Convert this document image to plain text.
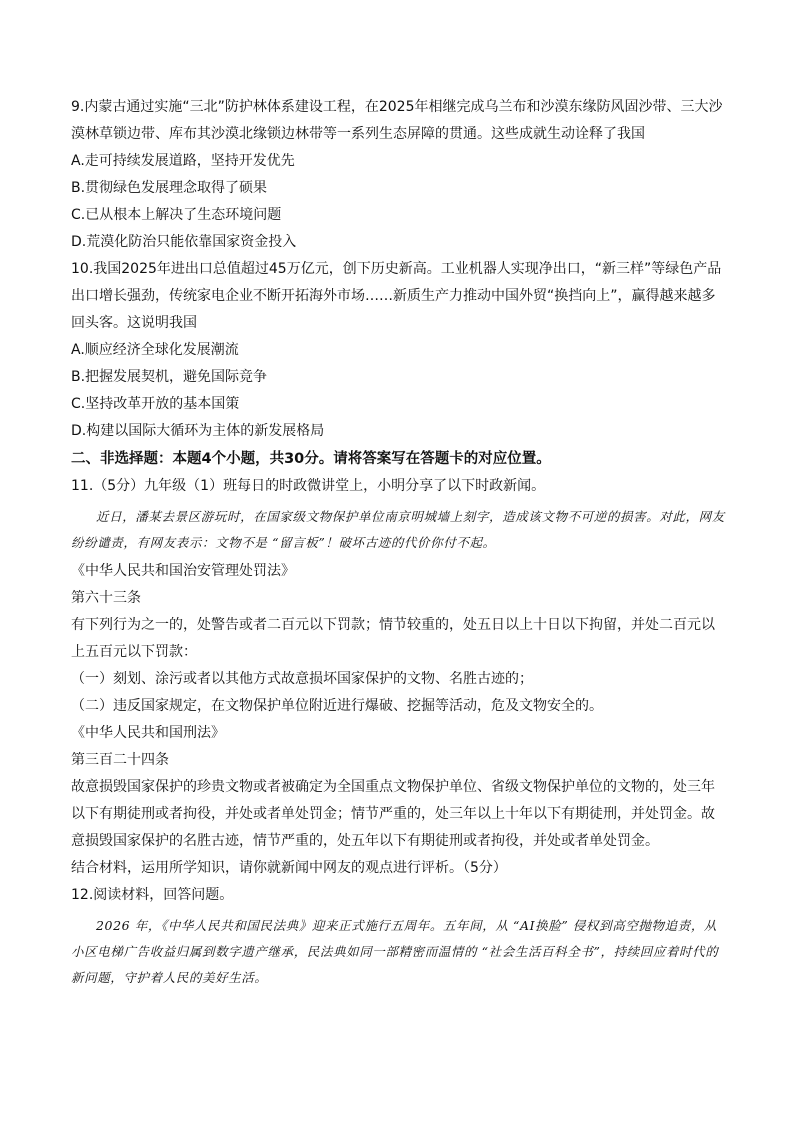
9.内蒙古通过实施“三北”防护林体系建设工程，在2025年相继完成乌兰布和沙漠东缘防风固沙带、三大沙漠林草锁边带、库布其沙漠北缘锁边林带等一系列生态屏障的贯通。这些成就生动诠释了我国
A.走可持续发展道路，坚持开发优先
B.贯彻绿色发展理念取得了硕果
C.已从根本上解决了生态环境问题
D.荒漠化防治只能依靠国家资金投入
10.我国2025年进出口总值超过45万亿元，创下历史新高。工业机器人实现净出口，“新三样”等绿色产品出口增长强劲，传统家电企业不断开拓海外市场……新质生产力推动中国外贸“换挡向上”，赢得越来越多回头客。这说明我国
A.顺应经济全球化发展潮流
B.把握发展契机，避免国际竞争
C.坚持改革开放的基本国策
D.构建以国际大循环为主体的新发展格局
二、非选择题：本题4个小题，共30分。请将答案写在答题卡的对应位置。
11.（5分）九年级（1）班每日的时政微讲堂上，小明分享了以下时政新闻。
近日，潘某去景区游玩时，在国家级文物保护单位南京明城墙上刻字，造成该文物不可逆的损害。对此，网友纷纷谴责，有网友表示：文物不是 “留言板”！破坏古迹的代价你付不起。
《中华人民共和国治安管理处罚法》
第六十三条
有下列行为之一的，处警告或者二百元以下罚款；情节较重的，处五日以上十日以下拘留，并处二百元以上五百元以下罚款：
（一）刻划、涂污或者以其他方式故意损坏国家保护的文物、名胜古迹的；
（二）违反国家规定，在文物保护单位附近进行爆破、挖掘等活动，危及文物安全的。
《中华人民共和国刑法》
第三百二十四条
故意损毁国家保护的珍贵文物或者被确定为全国重点文物保护单位、省级文物保护单位的文物的，处三年以下有期徒刑或者拘役，并处或者单处罚金；情节严重的，处三年以上十年以下有期徒刑，并处罚金。故意损毁国家保护的名胜古迹，情节严重的，处五年以下有期徒刑或者拘役，并处或者单处罚金。
结合材料，运用所学知识，请你就新闻中网友的观点进行评析。（5分）
12.阅读材料，回答问题。
2026 年，《中华人民共和国民法典》迎来正式施行五周年。五年间，从 “AI换脸” 侵权到高空抛物追责，从小区电梯广告收益归属到数字遗产继承，民法典如同一部精密而温情的 “社会生活百科全书”，持续回应着时代的新问题，守护着人民的美好生活。
